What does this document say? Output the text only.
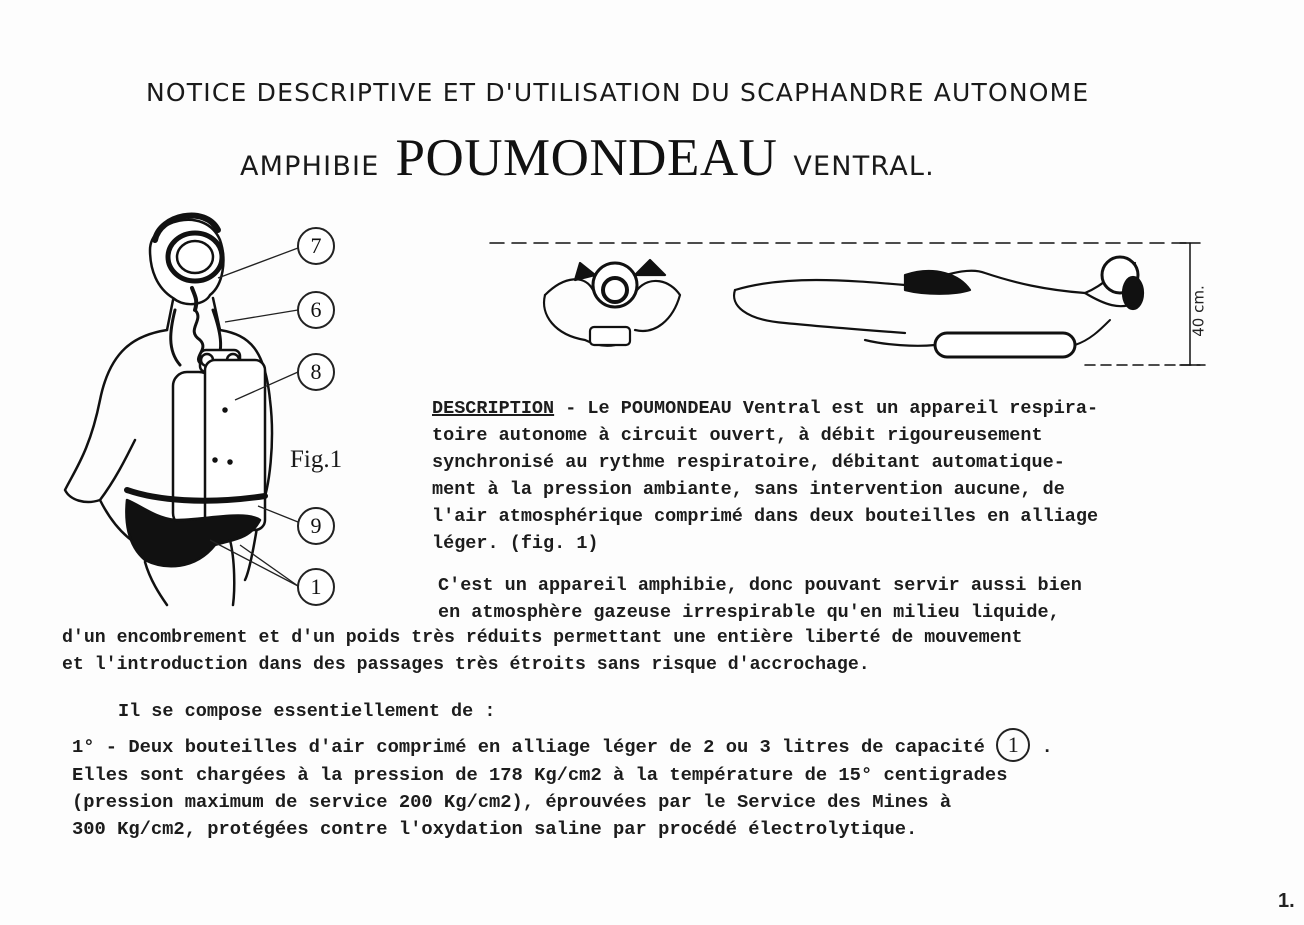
NOTICE DESCRIPTIVE ET D'UTILISATION DU SCAPHANDRE AUTONOME
AMPHIBIE POUMONDEAU VENTRAL.
7
6
8
9
1
Fig.1
40 cm.
DESCRIPTION - Le POUMONDEAU Ventral est un appareil respira-
toire autonome à circuit ouvert, à débit rigoureusement
synchronisé au rythme respiratoire, débitant automatique-
ment à la pression ambiante, sans intervention aucune, de
l'air atmosphérique comprimé dans deux bouteilles en alliage
léger. (fig. 1)
C'est un appareil amphibie, donc pouvant servir aussi bien
en atmosphère gazeuse irrespirable qu'en milieu liquide,
d'un encombrement et d'un poids très réduits permettant une entière liberté de mouvement
et l'introduction dans des passages très étroits sans risque d'accrochage.
Il se compose essentiellement de :
1° - Deux bouteilles d'air comprimé en alliage léger de 2 ou 3 litres de capacité 1 .
Elles sont chargées à la pression de 178 Kg/cm2 à la température de 15° centigrades
(pression maximum de service 200 Kg/cm2), éprouvées par le Service des Mines à
300 Kg/cm2, protégées contre l'oxydation saline par procédé électrolytique.
1.
